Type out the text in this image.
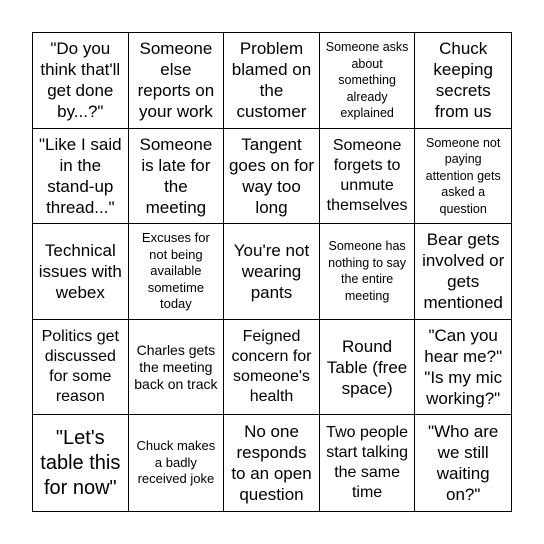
"Do you think that'll get done by...?"
Someone else reports on your work
Problem blamed on the customer
Someone asks about something already explained
Chuck keeping secrets from us
"Like I said in the stand-up thread..."
Someone is late for the meeting
Tangent goes on for way too long
Someone forgets to unmute themselves
Someone not paying attention gets asked a question
Technical issues with webex
Excuses for not being available sometime today
You're not wearing pants
Someone has nothing to say the entire meeting
Bear gets involved or gets mentioned
Politics get discussed for some reason
Charles gets the meeting back on track
Feigned concern for someone's health
Round Table (free space)
"Can you hear me?" "Is my mic working?"
"Let's table this for now"
Chuck makes a badly received joke
No one responds to an open question
Two people start talking the same time
"Who are we still waiting on?"
